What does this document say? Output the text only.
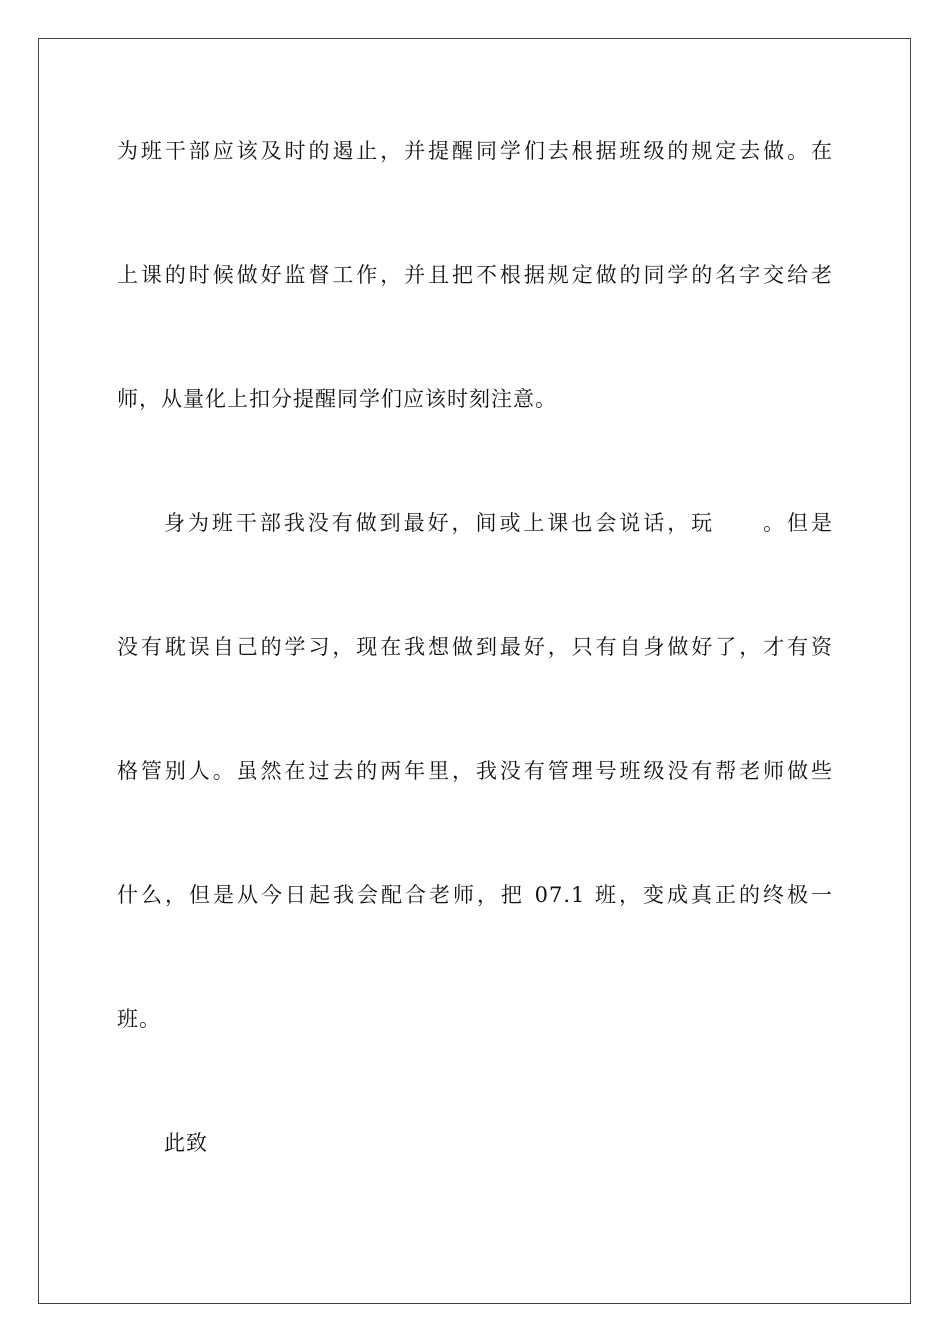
为班干部应该及时的遏止，并提醒同学们去根据班级的规定去做。在
上课的时候做好监督工作，并且把不根据规定做的同学的名字交给老
师，从量化上扣分提醒同学们应该时刻注意。
身为班干部我没有做到最好，间或上课也会说话，玩　　。但是
没有耽误自己的学习，现在我想做到最好，只有自身做好了，才有资
格管别人。虽然在过去的两年里，我没有管理号班级没有帮老师做些
什么，但是从今日起我会配合老师，把 07.1 班，变成真正的终极一
班。
此致
